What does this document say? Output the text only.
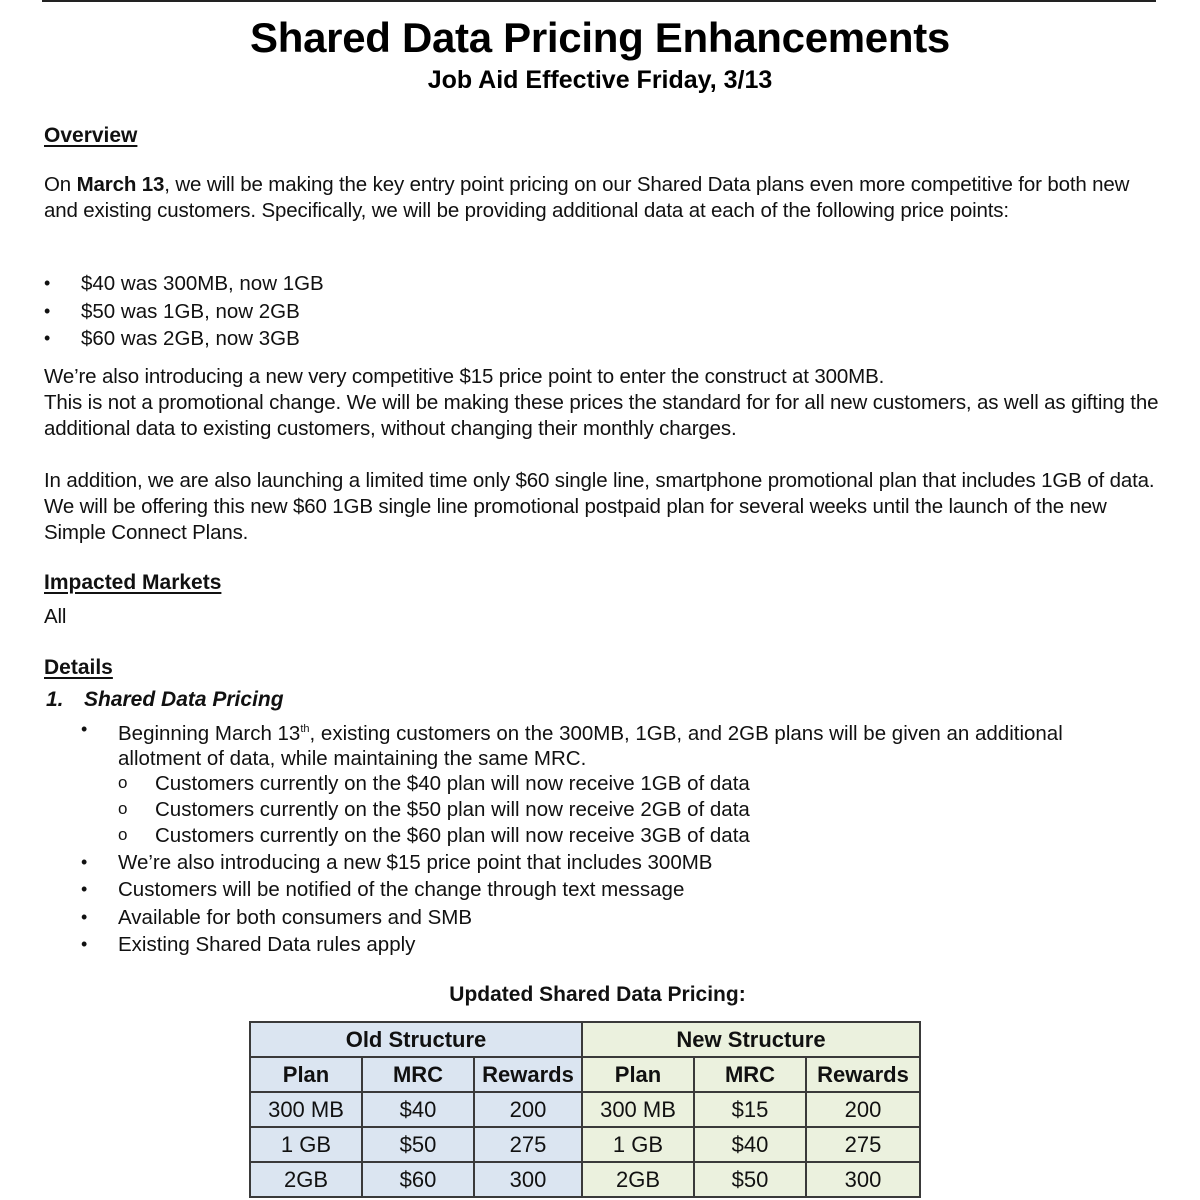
Shared Data Pricing Enhancements
Job Aid Effective Friday, 3/13
Overview
On March 13, we will be making the key entry point pricing on our Shared Data plans even more competitive for both new and existing customers. Specifically, we will be providing additional data at each of the following price points:
• $40 was 300MB, now 1GB
• $50 was 1GB, now 2GB
• $60 was 2GB, now 3GB
We’re also introducing a new very competitive $15 price point to enter the construct at 300MB.
This is not a promotional change. We will be making these prices the standard for for all new customers, as well as gifting the additional data to existing customers, without changing their monthly charges.
In addition, we are also launching a limited time only $60 single line, smartphone promotional plan that includes 1GB of data. We will be offering this new $60 1GB single line promotional postpaid plan for several weeks until the launch of the new Simple Connect Plans.
Impacted Markets
All
Details
1. Shared Data Pricing
• Beginning March 13th, existing customers on the 300MB, 1GB, and 2GB plans will be given an additional allotment of data, while maintaining the same MRC.
o Customers currently on the $40 plan will now receive 1GB of data
o Customers currently on the $50 plan will now receive 2GB of data
o Customers currently on the $60 plan will now receive 3GB of data
• We’re also introducing a new $15 price point that includes 300MB
• Customers will be notified of the change through text message
• Available for both consumers and SMB
• Existing Shared Data rules apply
Updated Shared Data Pricing:
Old Structure			New Structure		
Plan	MRC	Rewards	Plan	MRC	Rewards
300 MB	$40	200	300 MB	$15	200
1 GB	$50	275	1 GB	$40	275
2GB	$60	300	2GB	$50	300
